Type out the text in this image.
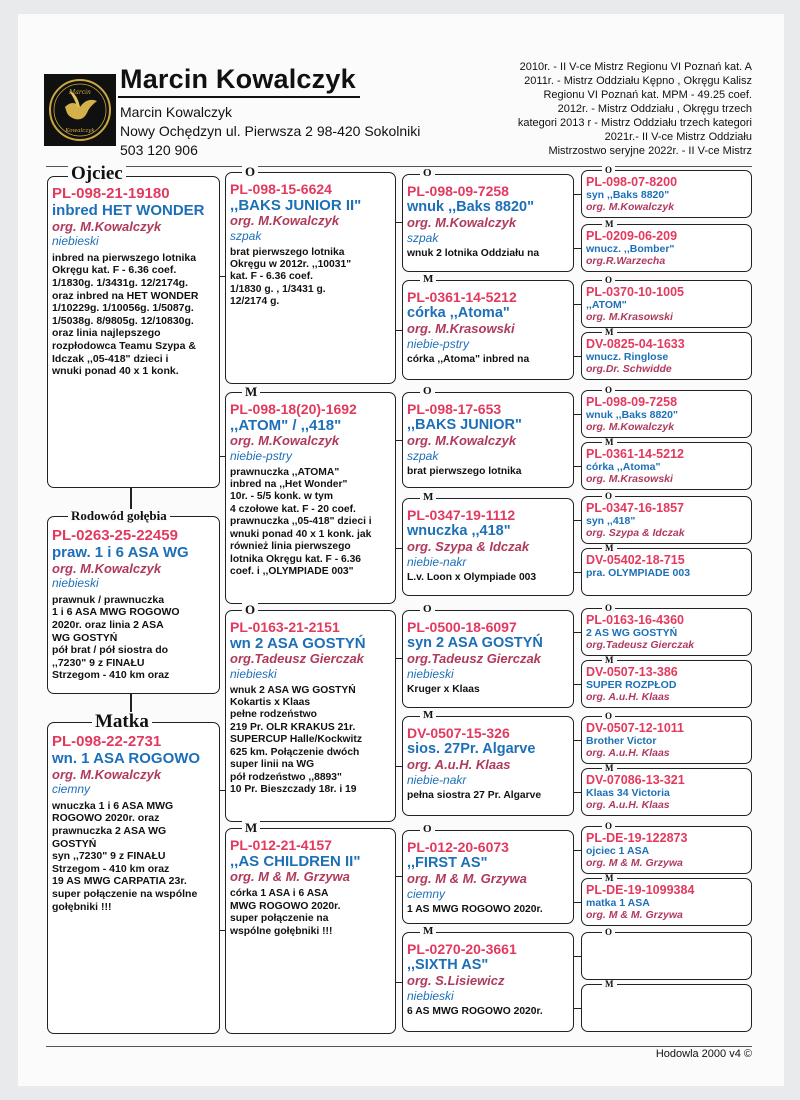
Marcin
Kowalczyk
Marcin Kowalczyk
Marcin Kowalczyk
Nowy Ochędzyn ul. Pierwsza 2 98-420 Sokolniki
503 120 906
2010r. - II V-ce Mistrz Regionu VI Poznań kat. A
2011r. - Mistrz Oddziału Kępno , Okręgu Kalisz
Regionu VI Poznań kat. MPM - 49.25 coef.
2012r. - Mistrz Oddziału , Okręgu trzech
kategori 2013 r - Mistrz Oddziału trzech kategori
2021r.- II V-ce Mistrz Oddziału
Mistrzostwo seryjne 2022r. - II V-ce Mistrz
PL-098-21-19180
inbred HET WONDER
org. M.Kowalczyk
niebieski
inbred na pierwszego lotnika
Okręgu kat. F - 6.36 coef.
1/1830g. 1/3431g. 12/2174g.
oraz inbred na HET WONDER
1/10229g. 1/10056g. 1/5087g.
1/5038g. 8/9805g. 12/10830g.
oraz linia najlepszego
rozpłodowca Teamu Szypa &
Idczak ,,05-418" dzieci i
wnuki ponad 40 x 1 konk.
Ojciec
PL-0263-25-22459
praw. 1 i 6 ASA WG
org. M.Kowalczyk
niebieski
prawnuk / prawnuczka
1 i 6 ASA MWG ROGOWO
2020r. oraz linia 2 ASA
WG GOSTYŃ
pół brat / pół siostra do
,,7230" 9 z FINAŁU
Strzegom - 410 km oraz
Rodowód gołębia
PL-098-22-2731
wn. 1 ASA ROGOWO
org. M.Kowalczyk
ciemny
wnuczka 1 i 6 ASA MWG
ROGOWO 2020r. oraz
prawnuczka 2 ASA WG
GOSTYŃ
syn ,,7230" 9 z FINAŁU
Strzegom - 410 km oraz
19 AS MWG CARPATIA 23r.
super połączenie na wspólne
gołębniki !!!
Matka
PL-098-15-6624
,,BAKS JUNIOR II"
org. M.Kowalczyk
szpak
brat pierwszego lotnika
Okręgu w 2012r. ,,10031"
kat. F - 6.36 coef.
1/1830 g. , 1/3431 g.
12/2174 g.
O
PL-098-18(20)-1692
,,ATOM" / ,,418"
org. M.Kowalczyk
niebie-pstry
prawnuczka ,,ATOMA"
inbred na ,,Het Wonder"
10r. - 5/5 konk. w tym
4 czołowe kat. F - 20 coef.
prawnuczka ,,05-418" dzieci i
wnuki ponad 40 x 1 konk. jak
również linia pierwszego
lotnika Okręgu kat. F - 6.36
coef. i ,,OLYMPIADE 003"
M
PL-0163-21-2151
wn 2 ASA GOSTYŃ
org.Tadeusz Gierczak
niebieski
wnuk 2 ASA WG GOSTYŃ
Kokartis x Klaas
pełne rodzeństwo
219 Pr. OLR KRAKUS 21r.
SUPERCUP Halle/Kockwitz
625 km. Połączenie dwóch
super linii na WG
pół rodzeństwo ,,8893"
10 Pr. Bieszczady 18r. i 19
O
PL-012-21-4157
,,AS CHILDREN II"
org. M & M. Grzywa
córka 1 ASA i 6 ASA
MWG ROGOWO 2020r.
super połączenie na
wspólne gołębniki !!!
M
PL-098-09-7258
wnuk ,,Baks 8820"
org. M.Kowalczyk
szpak
wnuk 2 lotnika Oddziału na
O
PL-0361-14-5212
córka ,,Atoma"
org. M.Krasowski
niebie-pstry
córka ,,Atoma" inbred na
M
PL-098-17-653
,,BAKS JUNIOR"
org. M.Kowalczyk
szpak
brat pierwszego lotnika
O
PL-0347-19-1112
wnuczka ,,418"
org. Szypa & Idczak
niebie-nakr
L.v. Loon x Olympiade 003
M
PL-0500-18-6097
syn 2 ASA GOSTYŃ
org.Tadeusz Gierczak
niebieski
Kruger x Klaas
O
DV-0507-15-326
sios. 27Pr. Algarve
org. A.u.H. Klaas
niebie-nakr
pełna siostra 27 Pr. Algarve
M
PL-012-20-6073
,,FIRST AS"
org. M & M. Grzywa
ciemny
1 AS MWG ROGOWO 2020r.
O
PL-0270-20-3661
,,SIXTH AS"
org. S.Lisiewicz
niebieski
6 AS MWG ROGOWO 2020r.
M
PL-098-07-8200
syn ,,Baks 8820"
org. M.Kowalczyk
O
PL-0209-06-209
wnucz. ,,Bomber"
org.R.Warzecha
M
PL-0370-10-1005
,,ATOM"
org. M.Krasowski
O
DV-0825-04-1633
wnucz. Ringlose
org.Dr. Schwidde
M
PL-098-09-7258
wnuk ,,Baks 8820"
org. M.Kowalczyk
O
PL-0361-14-5212
córka ,,Atoma"
org. M.Krasowski
M
PL-0347-16-1857
syn ,,418"
org. Szypa & Idczak
O
DV-05402-18-715
pra. OLYMPIADE 003
M
PL-0163-16-4360
2 AS WG GOSTYŃ
org.Tadeusz Gierczak
O
DV-0507-13-386
SUPER ROZPŁOD
org. A.u.H. Klaas
M
DV-0507-12-1011
Brother Victor
org. A.u.H. Klaas
O
DV-07086-13-321
Klaas 34 Victoria
org. A.u.H. Klaas
M
PL-DE-19-122873
ojciec 1 ASA
org. M & M. Grzywa
O
PL-DE-19-1099384
matka 1 ASA
org. M & M. Grzywa
M
O
M
Hodowla 2000 v4 ©
